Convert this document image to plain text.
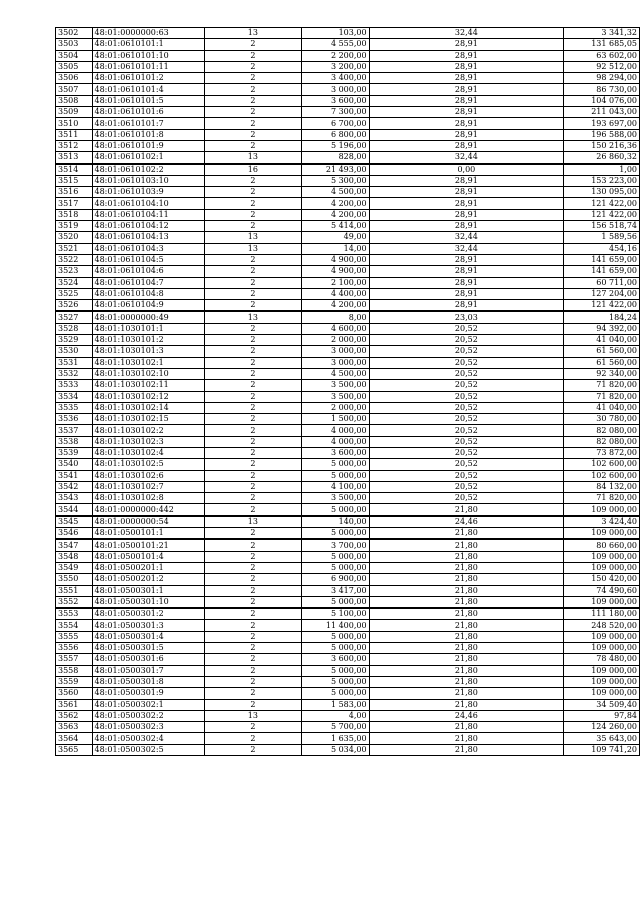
3502	48:01:0000000:63	13	103,00	32,44	3 341,32
3503	48:01:0610101:1	2	4 555,00	28,91	131 685,05
3504	48:01:0610101:10	2	2 200,00	28,91	63 602,00
3505	48:01:0610101:11	2	3 200,00	28,91	92 512,00
3506	48:01:0610101:2	2	3 400,00	28,91	98 294,00
3507	48:01:0610101:4	2	3 000,00	28,91	86 730,00
3508	48:01:0610101:5	2	3 600,00	28,91	104 076,00
3509	48:01:0610101:6	2	7 300,00	28,91	211 043,00
3510	48:01:0610101:7	2	6 700,00	28,91	193 697,00
3511	48:01:0610101:8	2	6 800,00	28,91	196 588,00
3512	48:01:0610101:9	2	5 196,00	28,91	150 216,36
3513	48:01:0610102:1	13	828,00	32,44	26 860,32
3514	48:01:0610102:2	16	21 493,00	0,00	1,00
3515	48:01:0610103:10	2	5 300,00	28,91	153 223,00
3516	48:01:0610103:9	2	4 500,00	28,91	130 095,00
3517	48:01:0610104:10	2	4 200,00	28,91	121 422,00
3518	48:01:0610104:11	2	4 200,00	28,91	121 422,00
3519	48:01:0610104:12	2	5 414,00	28,91	156 518,74
3520	48:01:0610104:13	13	49,00	32,44	1 589,56
3521	48:01:0610104:3	13	14,00	32,44	454,16
3522	48:01:0610104:5	2	4 900,00	28,91	141 659,00
3523	48:01:0610104:6	2	4 900,00	28,91	141 659,00
3524	48:01:0610104:7	2	2 100,00	28,91	60 711,00
3525	48:01:0610104:8	2	4 400,00	28,91	127 204,00
3526	48:01:0610104:9	2	4 200,00	28,91	121 422,00
3527	48:01:0000000:49	13	8,00	23,03	184,24
3528	48:01:1030101:1	2	4 600,00	20,52	94 392,00
3529	48:01:1030101:2	2	2 000,00	20,52	41 040,00
3530	48:01:1030101:3	2	3 000,00	20,52	61 560,00
3531	48:01:1030102:1	2	3 000,00	20,52	61 560,00
3532	48:01:1030102:10	2	4 500,00	20,52	92 340,00
3533	48:01:1030102:11	2	3 500,00	20,52	71 820,00
3534	48:01:1030102:12	2	3 500,00	20,52	71 820,00
3535	48:01:1030102:14	2	2 000,00	20,52	41 040,00
3536	48:01:1030102:15	2	1 500,00	20,52	30 780,00
3537	48:01:1030102:2	2	4 000,00	20,52	82 080,00
3538	48:01:1030102:3	2	4 000,00	20,52	82 080,00
3539	48:01:1030102:4	2	3 600,00	20,52	73 872,00
3540	48:01:1030102:5	2	5 000,00	20,52	102 600,00
3541	48:01:1030102:6	2	5 000,00	20,52	102 600,00
3542	48:01:1030102:7	2	4 100,00	20,52	84 132,00
3543	48:01:1030102:8	2	3 500,00	20,52	71 820,00
3544	48:01:0000000:442	2	5 000,00	21,80	109 000,00
3545	48:01:0000000:54	13	140,00	24,46	3 424,40
3546	48:01:0500101:1	2	5 000,00	21,80	109 000,00
3547	48:01:0500101:21	2	3 700,00	21,80	80 660,00
3548	48:01:0500101:4	2	5 000,00	21,80	109 000,00
3549	48:01:0500201:1	2	5 000,00	21,80	109 000,00
3550	48:01:0500201:2	2	6 900,00	21,80	150 420,00
3551	48:01:0500301:1	2	3 417,00	21,80	74 490,60
3552	48:01:0500301:10	2	5 000,00	21,80	109 000,00
3553	48:01:0500301:2	2	5 100,00	21,80	111 180,00
3554	48:01:0500301:3	2	11 400,00	21,80	248 520,00
3555	48:01:0500301:4	2	5 000,00	21,80	109 000,00
3556	48:01:0500301:5	2	5 000,00	21,80	109 000,00
3557	48:01:0500301:6	2	3 600,00	21,80	78 480,00
3558	48:01:0500301:7	2	5 000,00	21,80	109 000,00
3559	48:01:0500301:8	2	5 000,00	21,80	109 000,00
3560	48:01:0500301:9	2	5 000,00	21,80	109 000,00
3561	48:01:0500302:1	2	1 583,00	21,80	34 509,40
3562	48:01:0500302:2	13	4,00	24,46	97,84
3563	48:01:0500302:3	2	5 700,00	21,80	124 260,00
3564	48:01:0500302:4	2	1 635,00	21,80	35 643,00
3565	48:01:0500302:5	2	5 034,00	21,80	109 741,20
